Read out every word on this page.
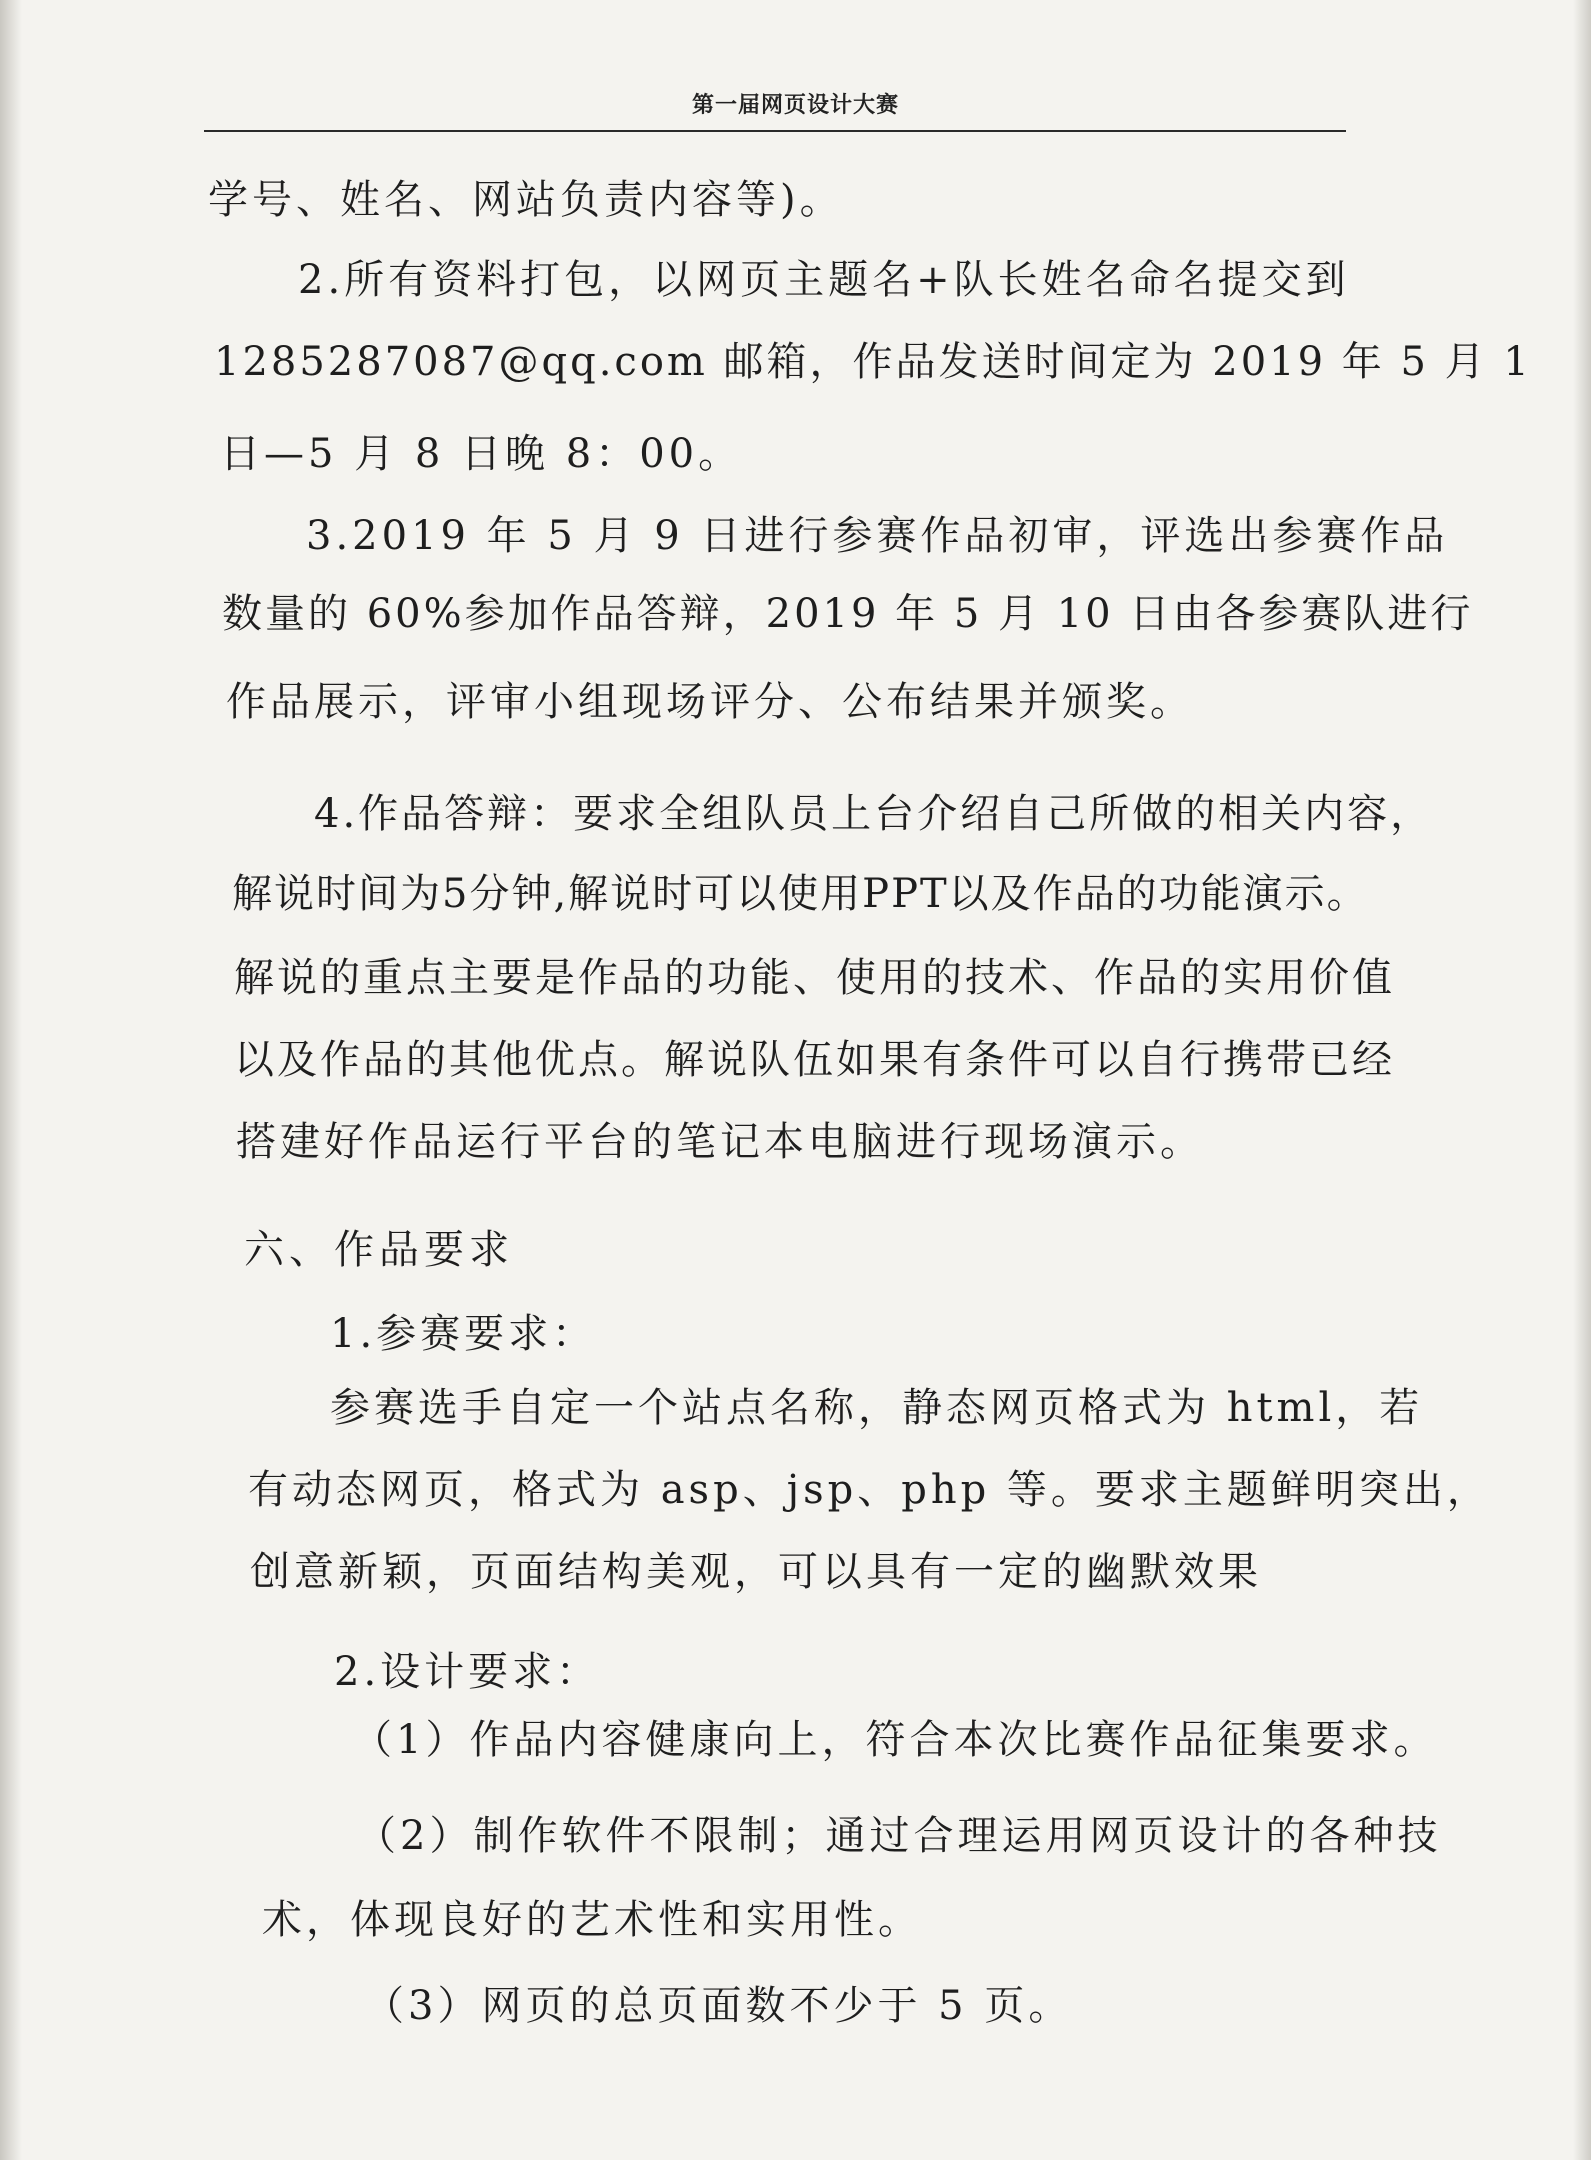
第一届网页设计大赛
学号、姓名、网站负责内容等)。
2.所有资料打包，以网页主题名+队长姓名命名提交到
1285287087@qq.com 邮箱，作品发送时间定为 2019 年 5 月 1
日—5 月 8 日晚 8：00。
3.2019 年 5 月 9 日进行参赛作品初审，评选出参赛作品
数量的 60%参加作品答辩，2019 年 5 月 10 日由各参赛队进行
作品展示，评审小组现场评分、公布结果并颁奖。
4.作品答辩：要求全组队员上台介绍自己所做的相关内容，
解说时间为5分钟,解说时可以使用PPT以及作品的功能演示。
解说的重点主要是作品的功能、使用的技术、作品的实用价值
以及作品的其他优点。解说队伍如果有条件可以自行携带已经
搭建好作品运行平台的笔记本电脑进行现场演示。
六、作品要求
1.参赛要求：
参赛选手自定一个站点名称，静态网页格式为 html，若
有动态网页，格式为 asp、jsp、php 等。要求主题鲜明突出，
创意新颖，页面结构美观，可以具有一定的幽默效果
2.设计要求：
（1）作品内容健康向上，符合本次比赛作品征集要求。
（2）制作软件不限制；通过合理运用网页设计的各种技
术，体现良好的艺术性和实用性。
（3）网页的总页面数不少于 5 页。
